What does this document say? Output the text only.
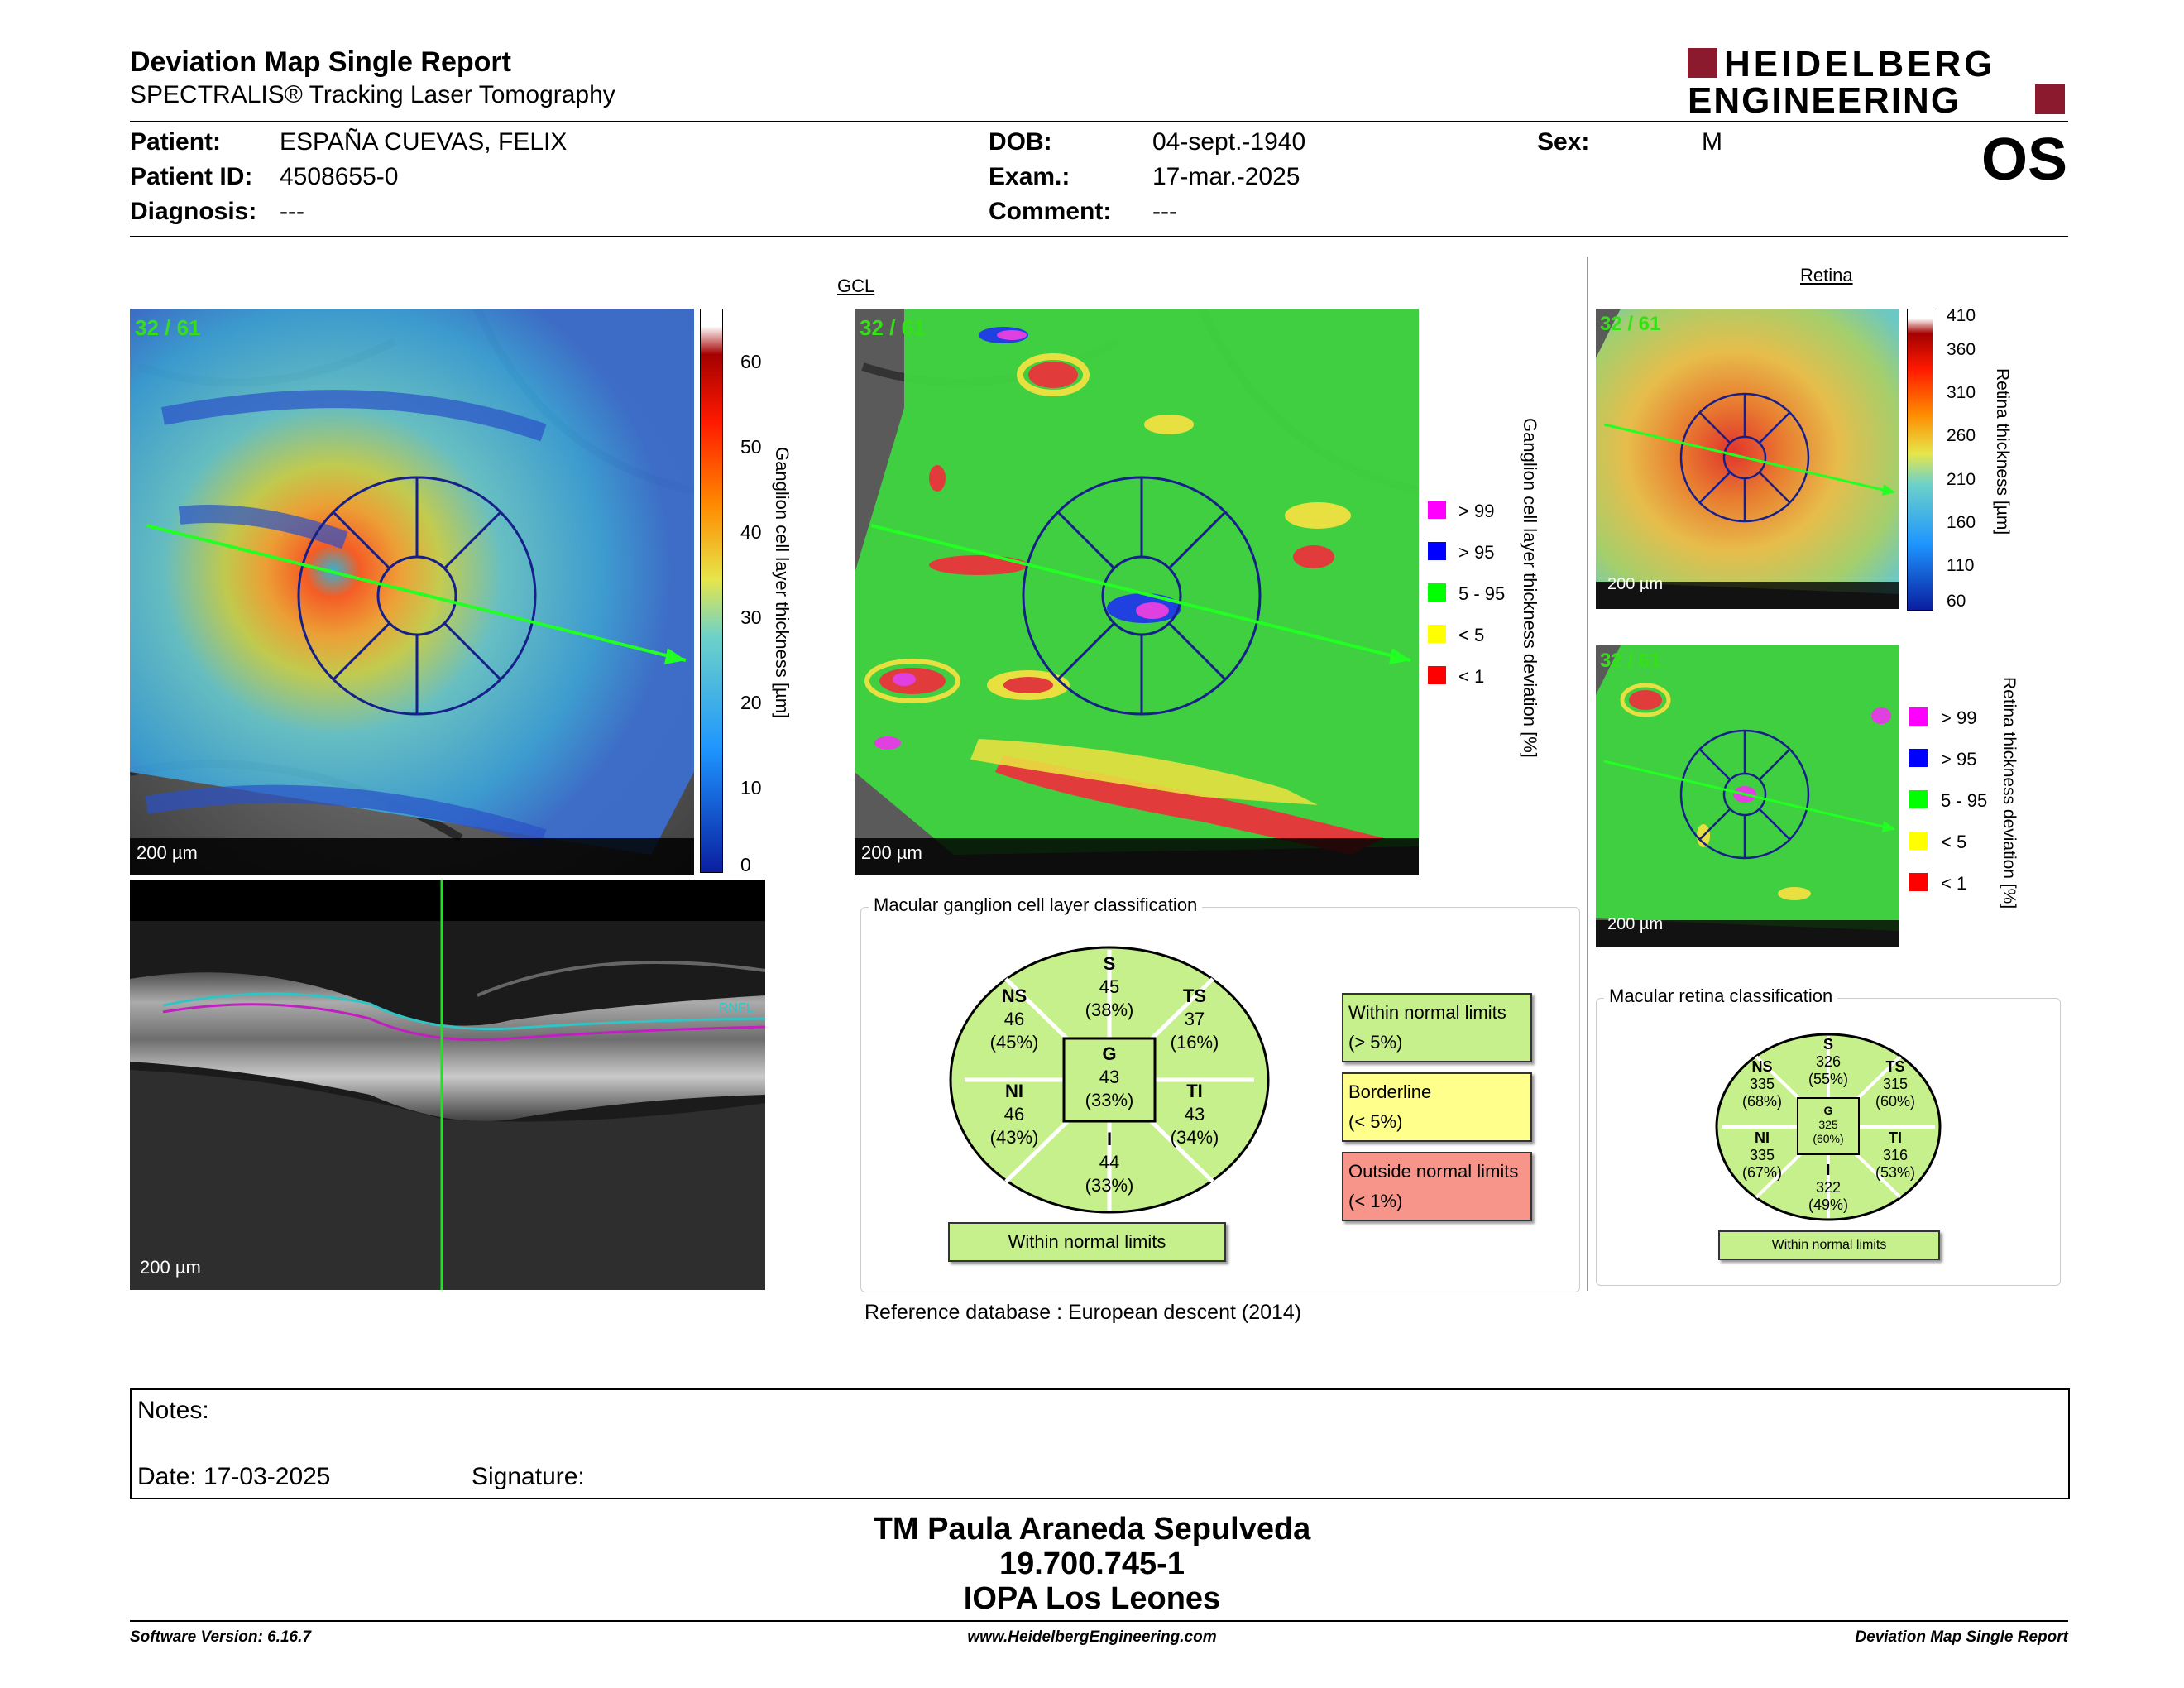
Deviation Map Single Report
SPECTRALIS® Tracking Laser Tomography
HEIDELBERG
ENGINEERING
Patient: ESPAÑA CUEVAS, FELIX
Patient ID: 4508655-0
Diagnosis: ---
DOB:	04-sept.-1940
Exam.:	17-mar.-2025
Comment: ---
Sex:	M	OS
GCL
32 / 61
200 µm
60
50
40
30
20
10
0
Ganglion cell layer thickness [µm]
32 / 61
200 µm
> 99
> 95
5 - 95
< 5
< 1 Ganglion cell layer thickness deviation [%]
RNFL
200 µm
Macular ganglion cell layer classification
S
45
(38%)
TS
37
(16%)
NS
46
(45%)
G
43
(33%)
NI
46
(43%)
TI
43
(34%)
I
44
(33%)
Within normal limits
Within normal limits
(> 5%)
Borderline
(< 5%)
Outside normal limits
(< 1%)
Reference database : European descent (2014)
Retina
32 / 61
200 µm
410
360
310
260
210
160
110
60
Retina thickness [µm]
32 / 61
200 µm
> 99
> 95
5 - 95
< 5
< 1 Retina thickness deviation [%]
Macular retina classification
S
326
(55%)
TS
315
(60%)
NS
335
(68%)
G
325
(60%)
NI
335
(67%)
TI
316
(53%)
I
322
(49%)
Within normal limits
Notes:
Date: 17-03-2025	Signature:
TM Paula Araneda Sepulveda
19.700.745-1
IOPA Los Leones
Software Version: 6.16.7	www.HeidelbergEngineering.com	Deviation Map Single Report
